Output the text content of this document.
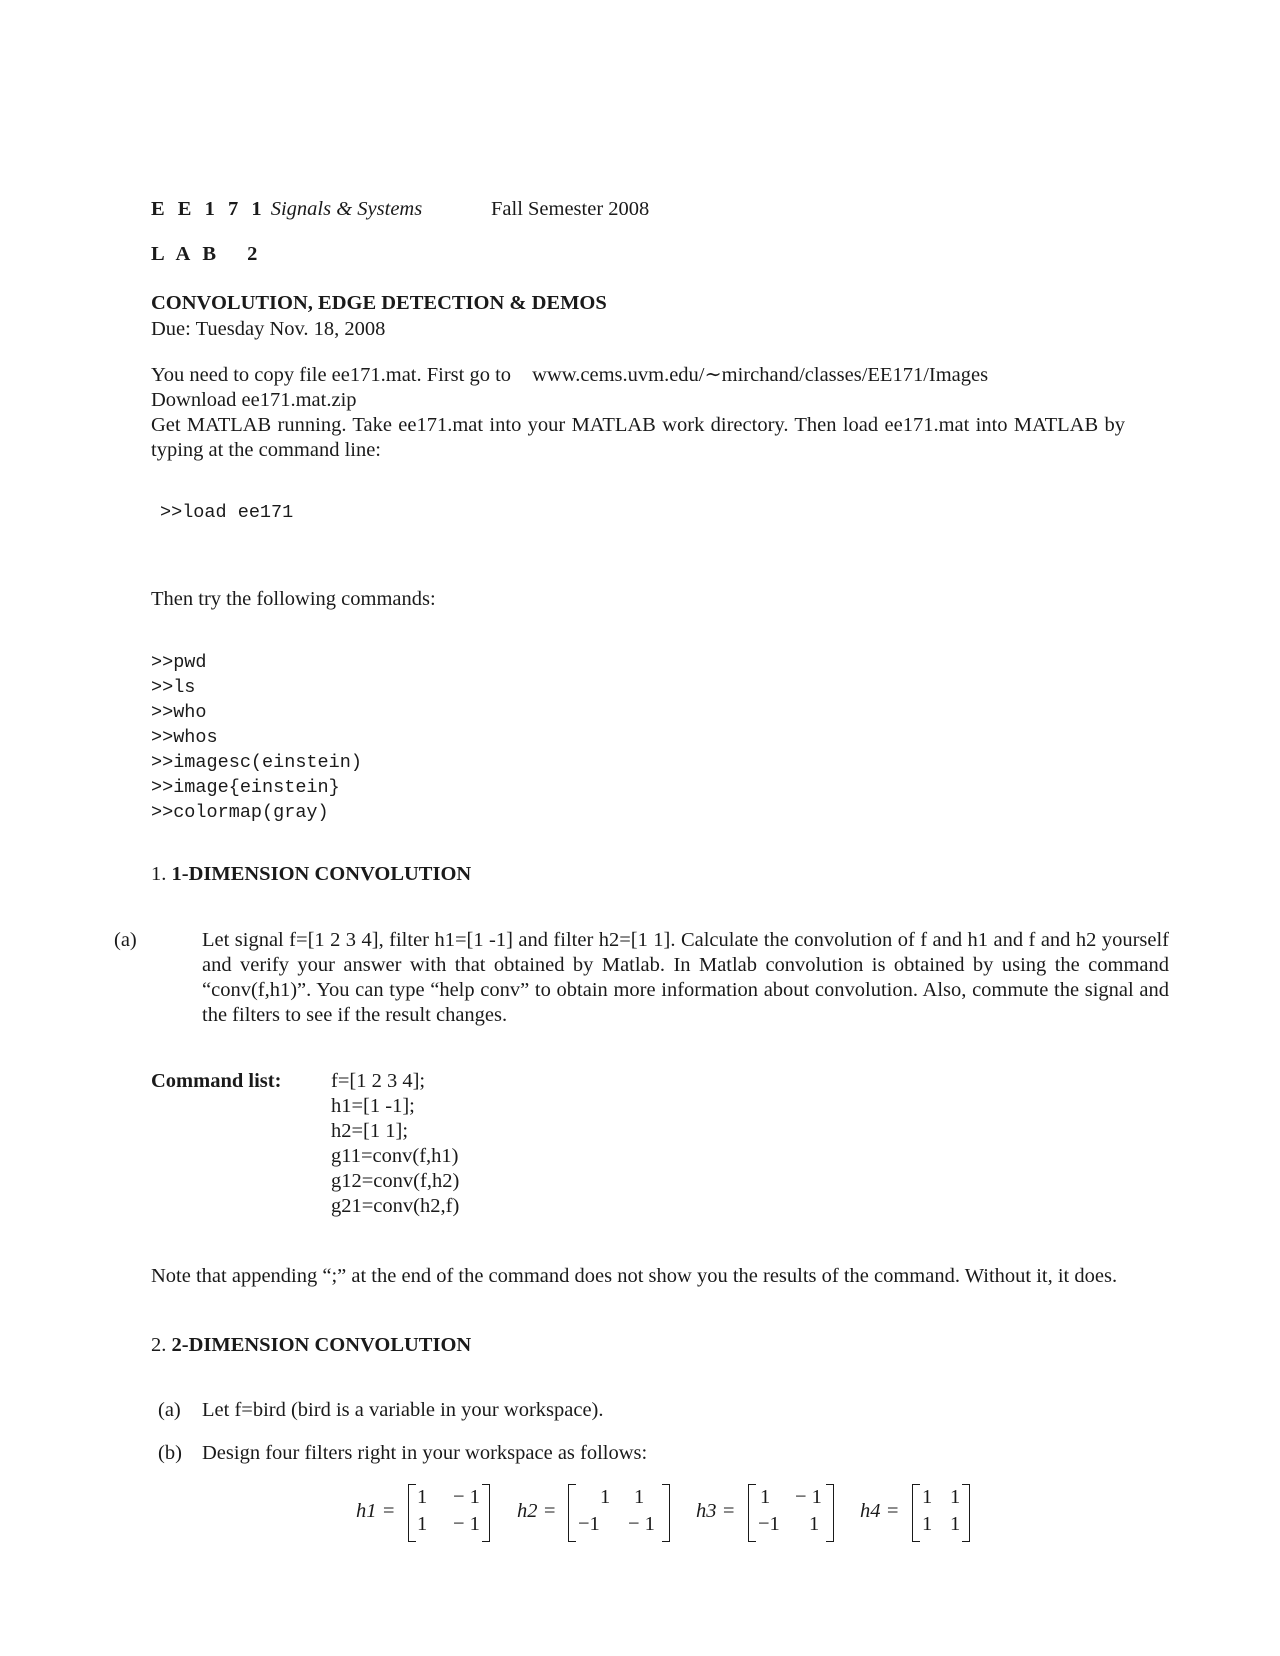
E E 1 7 1 Signals & Systems	Fall Semester 2008
L A B 2
CONVOLUTION, EDGE DETECTION & DEMOS
Due: Tuesday Nov. 18, 2008
You need to copy file ee171.mat. First go to www.cems.uvm.edu/∼mirchand/classes/EE171/Images
Download ee171.mat.zip
Get MATLAB running. Take ee171.mat into your MATLAB work directory. Then load ee171.mat into MATLAB by typing at the command line:
>>load ee171
Then try the following commands:
>>pwd
>>ls
>>who
>>whos
>>imagesc(einstein)
>>image{einstein}
>>colormap(gray)
1. 1-DIMENSION CONVOLUTION
(a)	Let signal f=[1 2 3 4], filter h1=[1 -1] and filter h2=[1 1]. Calculate the convolution of f and h1 and f and h2 yourself and verify your answer with that obtained by Matlab. In Matlab convolution is obtained by using the command “conv(f,h1)”. You can type “help conv” to obtain more information about convolution. Also, commute the signal and the filters to see if the result changes.
Command list: f=[1 2 3 4];
h1=[1 -1];
h2=[1 1];
g11=conv(f,h1)
g12=conv(f,h2)
g21=conv(h2,f)
Note that appending “;” at the end of the command does not show you the results of the command. Without it, it does.
2. 2-DIMENSION CONVOLUTION
(a) Let f=bird (bird is a variable in your workspace).
(b) Design four filters right in your workspace as follows:
h1 =
1 − 1
1 − 1
h2 =
1 1
−1 − 1
h3 =
1 − 1
−1 1
h4 =
1 1
1 1
